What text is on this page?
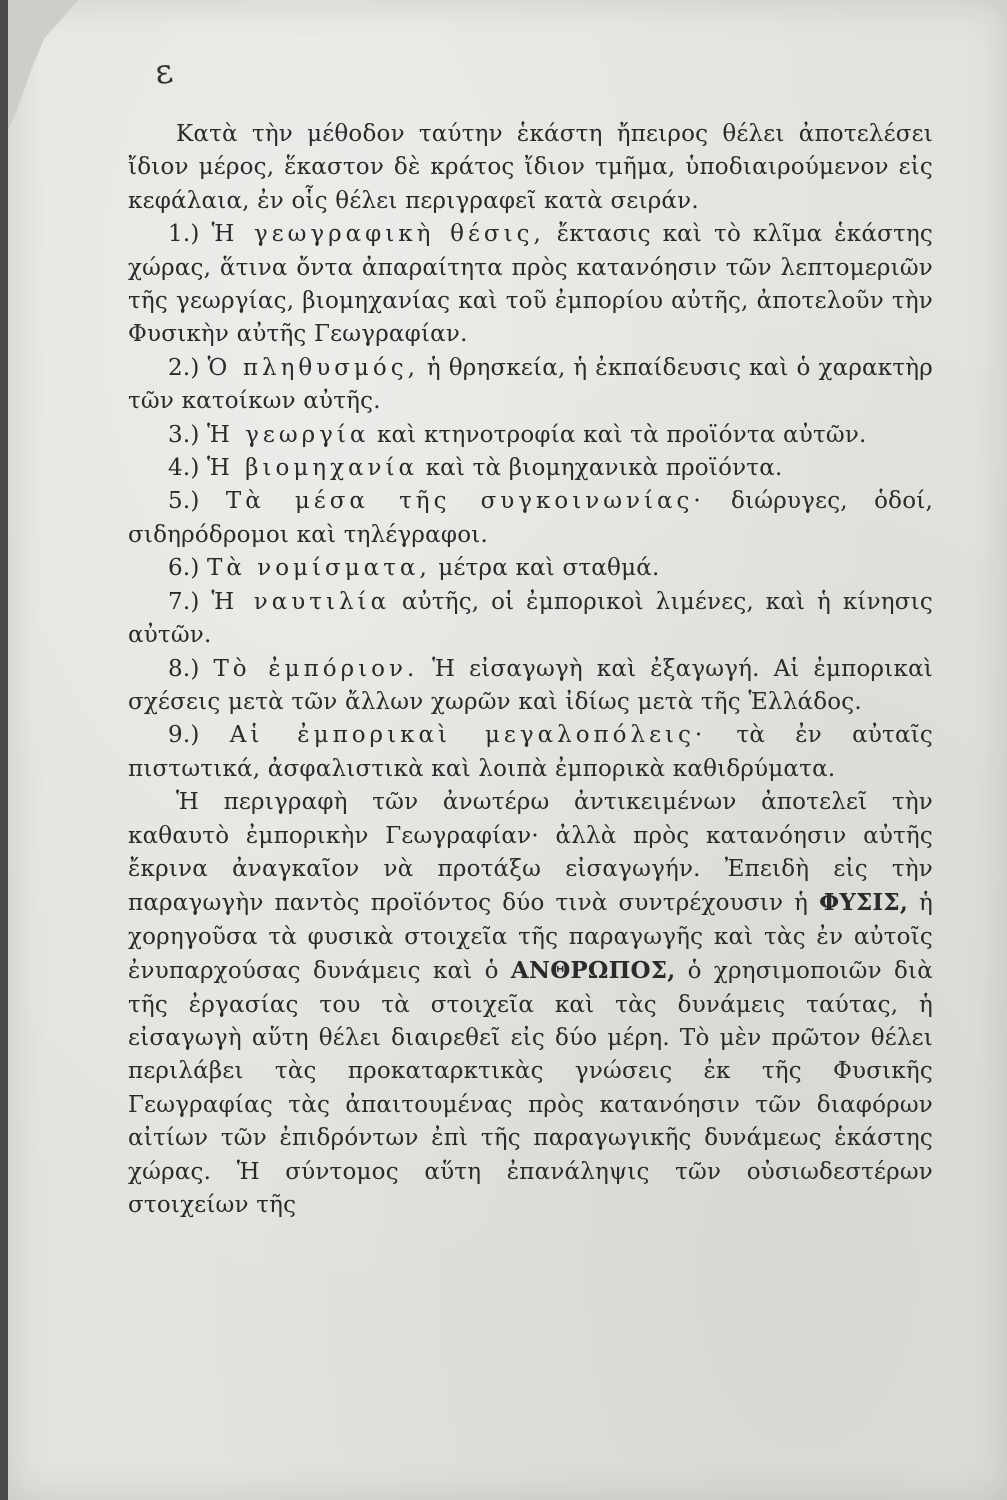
ε

Κατὰ τὴν μέθοδον ταύτην ἑκάστη ἤπειρος θέλει ἀποτελέσει ἴδιον μέρος, ἕκαστον δὲ κράτος ἴδιον τμῆμα, ὑποδιαιρούμενον εἰς κεφάλαια, ἐν οἷς θέλει περιγραφεῖ κατὰ σειράν.

1.) Ἡ γεωγραφικὴ θέσις, ἔκτασις καὶ τὸ κλῖμα ἑκάστης χώρας, ἅτινα ὄντα ἀπαραίτητα πρὸς κατανόησιν τῶν λεπτομεριῶν τῆς γεωργίας, βιομηχανίας καὶ τοῦ ἐμπορίου αὐτῆς, ἀποτελοῦν τὴν Φυσικὴν αὐτῆς Γεωγραφίαν.

2.) Ὁ πληθυσμός, ἡ θρησκεία, ἡ ἐκπαίδευσις καὶ ὁ χαρακτὴρ τῶν κατοίκων αὐτῆς.

3.) Ἡ γεωργία καὶ κτηνοτροφία καὶ τὰ προϊόντα αὐτῶν.

4.) Ἡ βιομηχανία καὶ τὰ βιομηχανικὰ προϊόντα.

5.) Τὰ μέσα τῆς συγκοινωνίας· διώρυγες, ὁδοί, σιδηρόδρομοι καὶ τηλέγραφοι.

6.) Τὰ νομίσματα, μέτρα καὶ σταθμά.

7.) Ἡ ναυτιλία αὐτῆς, οἱ ἐμπορικοὶ λιμένες, καὶ ἡ κίνησις αὐτῶν.

8.) Τὸ ἐμπόριον. Ἡ εἰσαγωγὴ καὶ ἐξαγωγή. Αἱ ἐμπορικαὶ σχέσεις μετὰ τῶν ἄλλων χωρῶν καὶ ἰδίως μετὰ τῆς Ἑλλάδος.

9.) Αἱ ἐμπορικαὶ μεγαλοπόλεις· τὰ ἐν αὐταῖς πιστωτικά, ἀσφαλιστικὰ καὶ λοιπὰ ἐμπορικὰ καθιδρύματα.

Ἡ περιγραφὴ τῶν ἀνωτέρω ἀντικειμένων ἀποτελεῖ τὴν καθαυτὸ ἐμπορικὴν Γεωγραφίαν· ἀλλὰ πρὸς κατανόησιν αὐτῆς ἔκρινα ἀναγκαῖον νὰ προτάξω εἰσαγωγήν. Ἐπειδὴ εἰς τὴν παραγωγὴν παντὸς προϊόντος δύο τινὰ συντρέχουσιν ἡ ΦΥΣΙΣ, ἡ χορηγοῦσα τὰ φυσικὰ στοιχεῖα τῆς παραγωγῆς καὶ τὰς ἐν αὐτοῖς ἐνυπαρχούσας δυνάμεις καὶ ὁ ΑΝΘΡΩΠΟΣ, ὁ χρησιμοποιῶν διὰ τῆς ἐργασίας του τὰ στοιχεῖα καὶ τὰς δυνάμεις ταύτας, ἡ εἰσαγωγὴ αὕτη θέλει διαιρεθεῖ εἰς δύο μέρη. Τὸ μὲν πρῶτον θέλει περιλάβει τὰς προκαταρκτικὰς γνώσεις ἐκ τῆς Φυσικῆς Γεωγραφίας τὰς ἀπαιτουμένας πρὸς κατανόησιν τῶν διαφόρων αἰτίων τῶν ἐπιδρόντων ἐπὶ τῆς παραγωγικῆς δυνάμεως ἑκάστης χώρας. Ἡ σύντομος αὕτη ἐπανάληψις τῶν οὐσιωδεστέρων στοιχείων τῆς
